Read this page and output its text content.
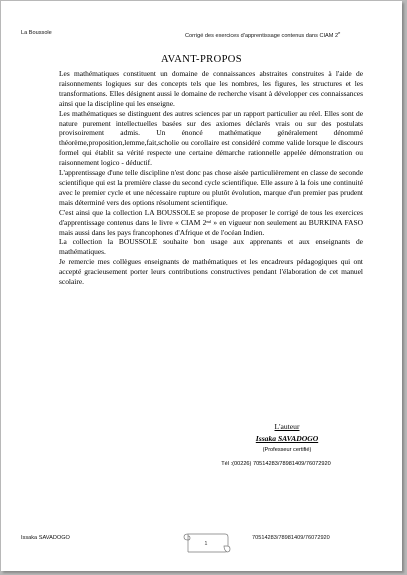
La Boussole	Corrigé des exercices d'apprentissage contenus dans CIAM 2e
AVANT-PROPOS

Les mathématiques constituent un domaine de connaissances abstraites construites à l'aide de raisonnements logiques sur des concepts tels que les nombres, les figures, les structures et les transformations. Elles désignent aussi le domaine de recherche visant à développer ces connaissances ainsi que la discipline qui les enseigne.

Les mathématiques se distinguent des autres sciences par un rapport particulier au réel. Elles sont de nature purement intellectuelles basées sur des axiomes déclarés vrais ou sur des postulats provisoirement admis. Un énoncé mathématique généralement dénommé théorème,proposition,lemme,fait,scholie ou corollaire est considéré comme valide lorsque le discours formel qui établit sa vérité respecte une certaine démarche rationnelle appelée démonstration ou raisonnement logico - déductif.

L'apprentissage d'une telle discipline n'est donc pas chose aisée particulièrement en classe de seconde scientifique qui est la première classe du second cycle scientifique. Elle assure à la fois une continuité avec le premier cycle et une nécessaire rupture ou plutôt évolution, marque d'un premier pas prudent mais déterminé vers des options résolument scientifique.

C'est ainsi que la collection LA BOUSSOLE se propose de proposer le corrigé de tous les exercices d'apprentissage contenus dans le livre « CIAM 2ⁿᵈ » en vigueur non seulement au BURKINA FASO mais aussi dans les pays francophones d'Afrique et de l'océan Indien.

La collection la BOUSSOLE souhaite bon usage aux apprenants et aux enseignants de mathématiques.

Je remercie mes collègues enseignants de mathématiques et les encadreurs pédagogiques qui ont accepté gracieusement porter leurs contributions constructives pendant l'élaboration de cet manuel scolaire.

L'auteur
Issaka SAVADOGO
(Professeur certifié)
Tél :(00226) 70514283/78981409/76072920
Issaka SAVADOGO	70514283/78981409/76072920
1
